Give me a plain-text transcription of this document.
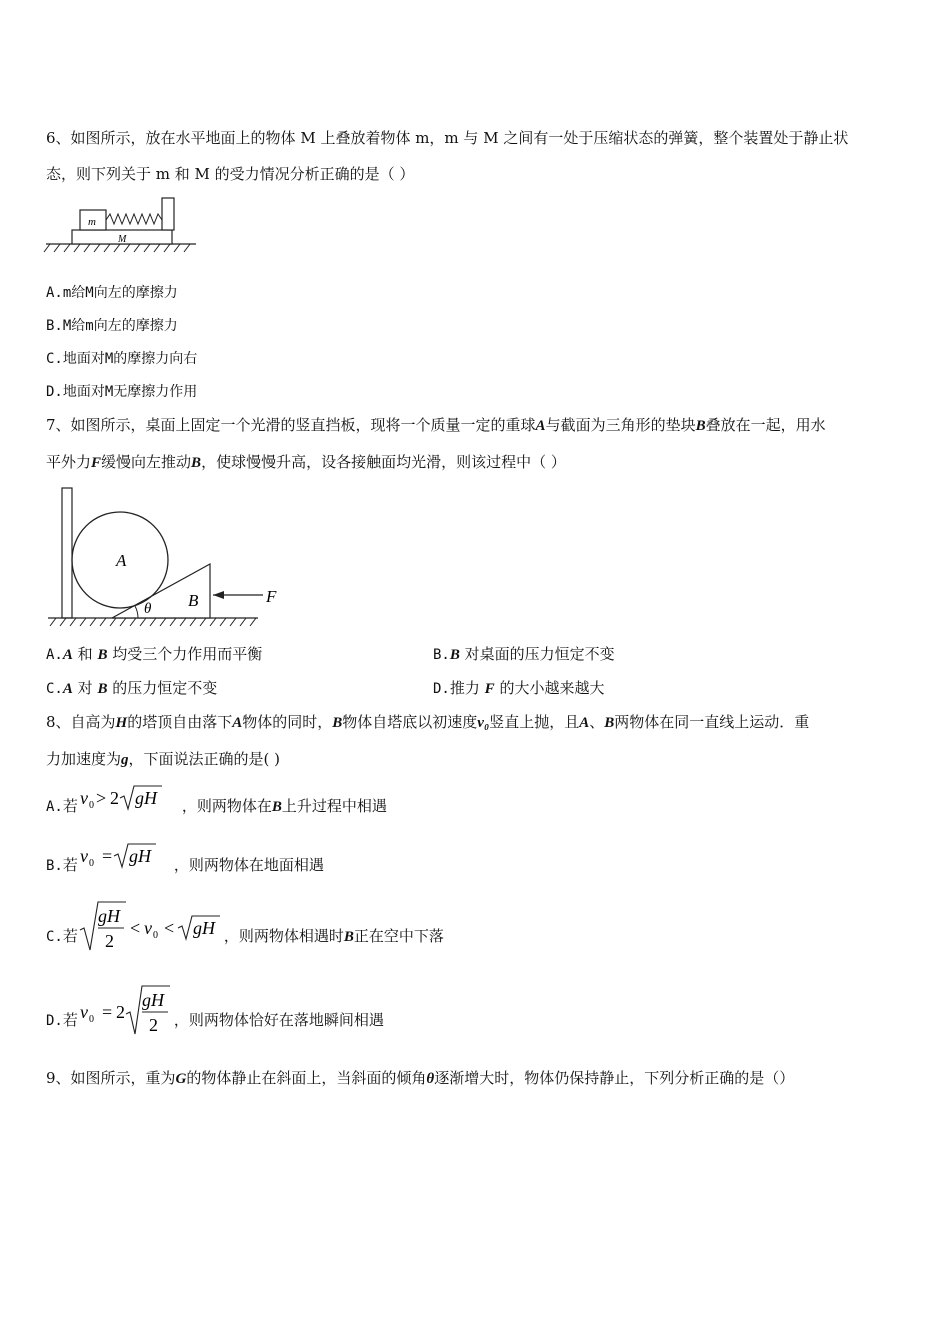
6、如图所示，放在水平地面上的物体 M 上叠放着物体 m，m 与 M 之间有一处于压缩状态的弹簧，整个装置处于静止状
态，则下列关于 m 和 M 的受力情况分析正确的是（ ）
m
M
A.m给M向左的摩擦力
B.M给m向左的摩擦力
C.地面对M的摩擦力向右
D.地面对M无摩擦力作用
7、如图所示，桌面上固定一个光滑的竖直挡板，现将一个质量一定的重球A与截面为三角形的垫块B叠放在一起，用水
平外力F缓慢向左推动B，使球慢慢升高，设各接触面均光滑，则该过程中（ ）
A
B	F
θ
A.A 和 B 均受三个力作用而平衡	B.B 对桌面的压力恒定不变
C.A 对 B 的压力恒定不变	D.推力 F 的大小越来越大
8、自高为H的塔顶自由落下A物体的同时，B物体自塔底以初速度v₀竖直上抛，且A、B两物体在同一直线上运动．重
力加速度为g，下面说法正确的是( )
A.若	，则两物体在B上升过程中相遇
v 0 > 2 gH
B.若	，则两物体在地面相遇
v 0 = gH
C.若	，则两物体相遇时B正在空中下落
gH
2
< v 0 < gH
D.若	，则两物体恰好在落地瞬间相遇
v 0 = 2
gH
2
9、如图所示，重为G的物体静止在斜面上，当斜面的倾角θ逐渐增大时，物体仍保持静止，下列分析正确的是（）
